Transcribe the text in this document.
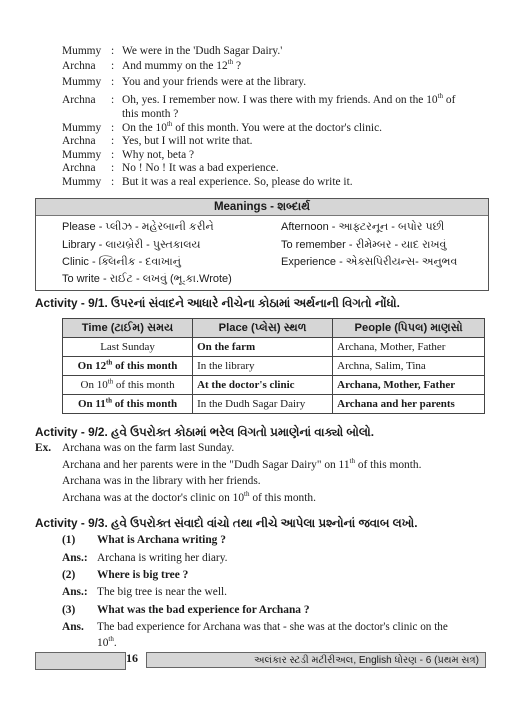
Mummy : We were in the 'Dudh Sagar Dairy.'
Archna : And mummy on the 12th ?
Mummy : You and your friends were at the library.
Archna : Oh, yes. I remember now. I was there with my friends. And on the 10th of
this month ?
Mummy : On the 10th of this month. You were at the doctor's clinic.
Archna : Yes, but I will not write that.
Mummy : Why not, beta ?
Archna : No ! No ! It was a bad experience.
Mummy : But it was a real experience. So, please do write it.
Meanings - શબ્દાર્થ
Please - પ્લીઝ - મહેરબાની કરીને	Afternoon - આફ્ટરનૂન - બપોર પછી
Library - લાયબ્રેરી - પુસ્તકાલય	To remember - રીમેમ્બર - યાદ રાખવું
Clinic - ક્લિનીક - દવાખાનું	Experience - એક્સપિરીયન્સ- અનુભવ
To write - રાઈટ - લખવું (ભૂ.કા.Wrote)
Activity - 9/1. ઉપરનાં સંવાદને આધારે નીચેના કોઠામાં અર્થનાની વિગતો નોંધો.
Time (ટાઈમ) સમય	Place (પ્લેસ) સ્થળ	People (પિપલ) માણસો
Last Sunday	On the farm	Archana, Mother, Father
On 12th of this month	In the library	Archna, Salim, Tina
On 10th of this month	At the doctor's clinic	Archana, Mother, Father
On 11th of this month	In the Dudh Sagar Dairy	Archana and her parents
Activity - 9/2. હવે ઉપરોક્ત કોઠામાં ભરેલ વિગતો પ્રમાણેનાં વાક્યો બોલો.
Ex. Archana was on the farm last Sunday.
Archana and her parents were in the "Dudh Sagar Dairy" on 11th of this month.
Archana was in the library with her friends.
Archana was at the doctor's clinic on 10th of this month.
Activity - 9/3. હવે ઉપરોક્ત સંવાદો વાંચો તથા નીચે આપેલા પ્રશ્નોનાં જવાબ લખો.
(1) What is Archana writing ?
Ans.: Archana is writing her diary.
(2) Where is big tree ?
Ans.: The big tree is near the well.
(3) What was the bad experience for Archana ?
Ans. The bad experience for Archana was that - she was at the doctor's clinic on the
10th.
16	અલંકાર સ્ટડી મટીરીઅલ, English ધોરણ - 6 (પ્રથમ સત્ર)
